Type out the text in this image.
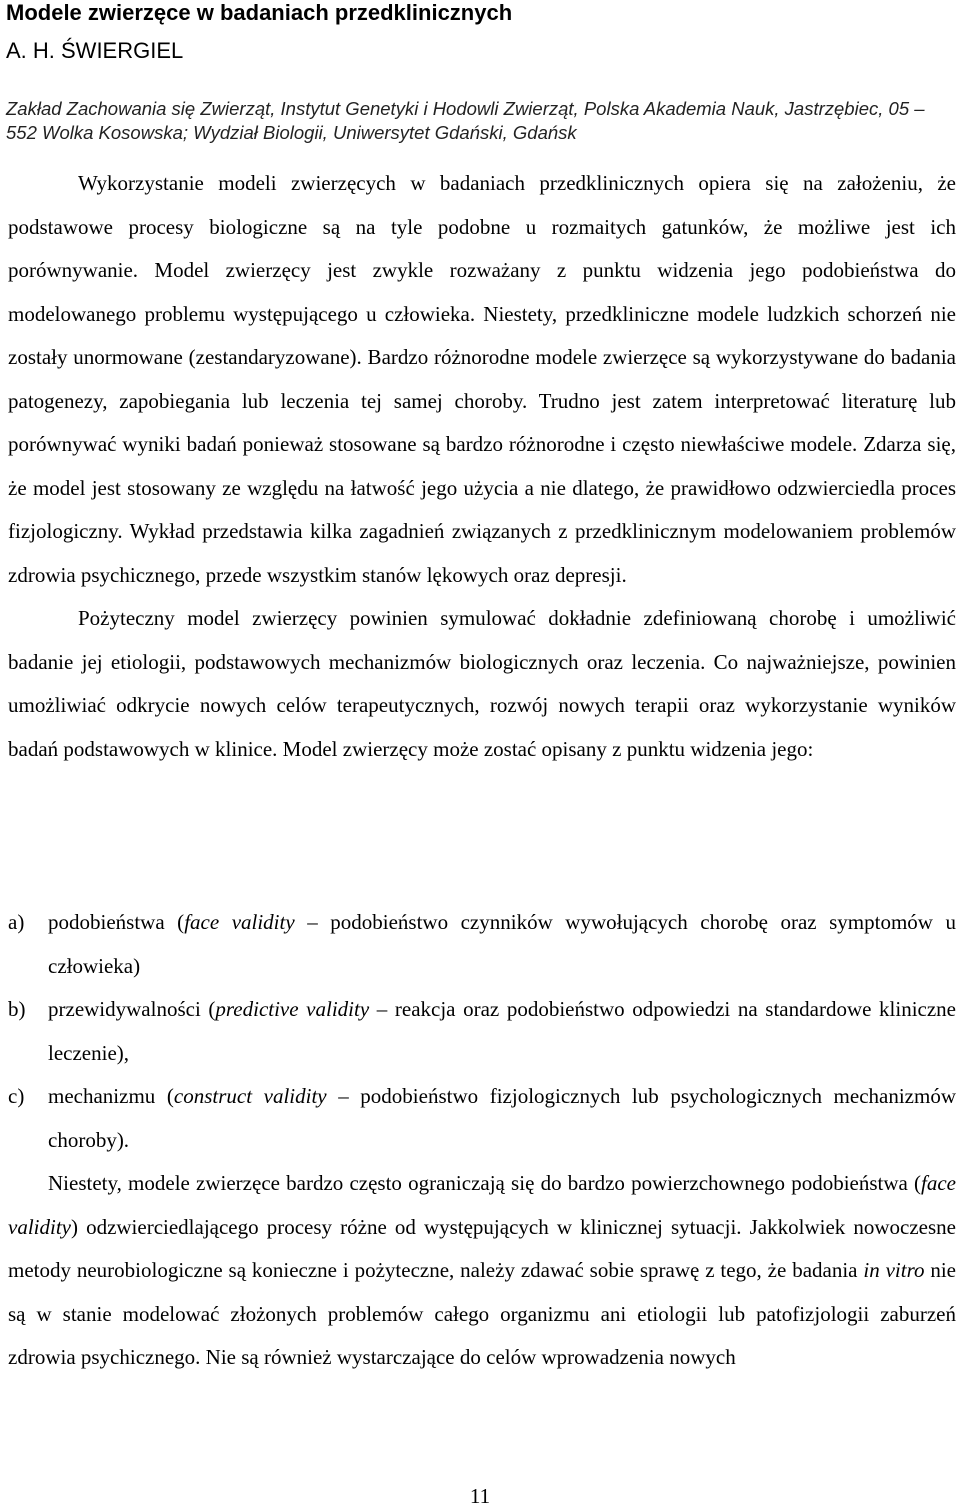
Modele zwierzęce w badaniach przedklinicznych
A. H. ŚWIERGIEL
Zakład Zachowania się Zwierząt, Instytut Genetyki i Hodowli Zwierząt, Polska Akademia Nauk, Jastrzębiec, 05 – 552 Wolka Kosowska; Wydział Biologii, Uniwersytet Gdański, Gdańsk

Wykorzystanie modeli zwierzęcych w badaniach przedklinicznych opiera się na założeniu, że podstawowe procesy biologiczne są na tyle podobne u rozmaitych gatunków, że możliwe jest ich porównywanie. Model zwierzęcy jest zwykle rozważany z punktu widzenia jego podobieństwa do modelowanego problemu występującego u człowieka. Niestety, przedkliniczne modele ludzkich schorzeń nie zostały unormowane (zestandaryzowane). Bardzo różnorodne modele zwierzęce są wykorzystywane do badania patogenezy, zapobiegania lub leczenia tej samej choroby. Trudno jest zatem interpretować literaturę lub porównywać wyniki badań ponieważ stosowane są bardzo różnorodne i często niewłaściwe modele. Zdarza się, że model jest stosowany ze względu na łatwość jego użycia a nie dlatego, że prawidłowo odzwierciedla proces fizjologiczny. Wykład przedstawia kilka zagadnień związanych z przedklinicznym modelowaniem problemów zdrowia psychicznego, przede wszystkim stanów lękowych oraz depresji.

Pożyteczny model zwierzęcy powinien symulować dokładnie zdefiniowaną chorobę i umożliwić badanie jej etiologii, podstawowych mechanizmów biologicznych oraz leczenia. Co najważniejsze, powinien umożliwiać odkrycie nowych celów terapeutycznych, rozwój nowych terapii oraz wykorzystanie wyników badań podstawowych w klinice. Model zwierzęcy może zostać opisany z punktu widzenia jego:

a)	podobieństwa (face validity – podobieństwo czynników wywołujących chorobę oraz symptomów u człowieka)
b)	przewidywalności (predictive validity – reakcja oraz podobieństwo odpowiedzi na standardowe kliniczne leczenie),
c)	mechanizmu (construct validity – podobieństwo fizjologicznych lub psychologicznych mechanizmów choroby).

Niestety, modele zwierzęce bardzo często ograniczają się do bardzo powierzchownego podobieństwa (face validity) odzwierciedlającego procesy różne od występujących w klinicznej sytuacji. Jakkolwiek nowoczesne metody neurobiologiczne są konieczne i pożyteczne, należy zdawać sobie sprawę z tego, że badania in vitro nie są w stanie modelować złożonych problemów całego organizmu ani etiologii lub patofizjologii zaburzeń zdrowia psychicznego. Nie są również wystarczające do celów wprowadzenia nowych

11
